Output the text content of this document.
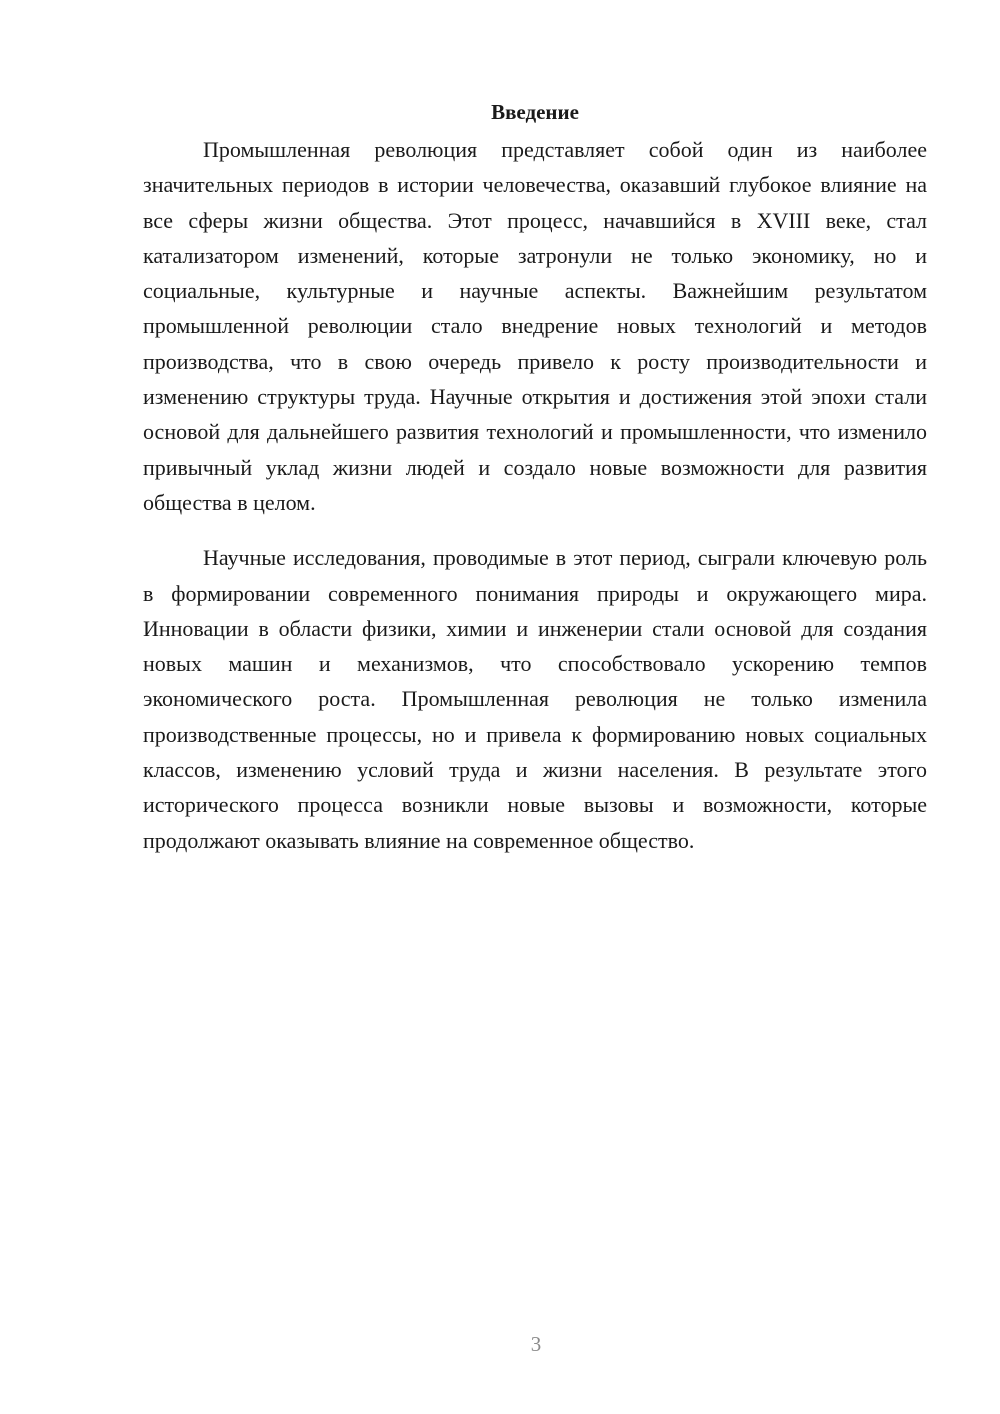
Введение

Промышленная революция представляет собой один из наиболее значительных периодов в истории человечества, оказавший глубокое влияние на все сферы жизни общества. Этот процесс, начавшийся в XVIII веке, стал катализатором изменений, которые затронули не только экономику, но и социальные, культурные и научные аспекты. Важнейшим результатом промышленной революции стало внедрение новых технологий и методов производства, что в свою очередь привело к росту производительности и изменению структуры труда. Научные открытия и достижения этой эпохи стали основой для дальнейшего развития технологий и промышленности, что изменило привычный уклад жизни людей и создало новые возможности для развития общества в целом.

Научные исследования, проводимые в этот период, сыграли ключевую роль в формировании современного понимания природы и окружающего мира. Инновации в области физики, химии и инженерии стали основой для создания новых машин и механизмов, что способствовало ускорению темпов экономического роста. Промышленная революция не только изменила производственные процессы, но и привела к формированию новых социальных классов, изменению условий труда и жизни населения. В результате этого исторического процесса возникли новые вызовы и возможности, которые продолжают оказывать влияние на современное общество.

3
